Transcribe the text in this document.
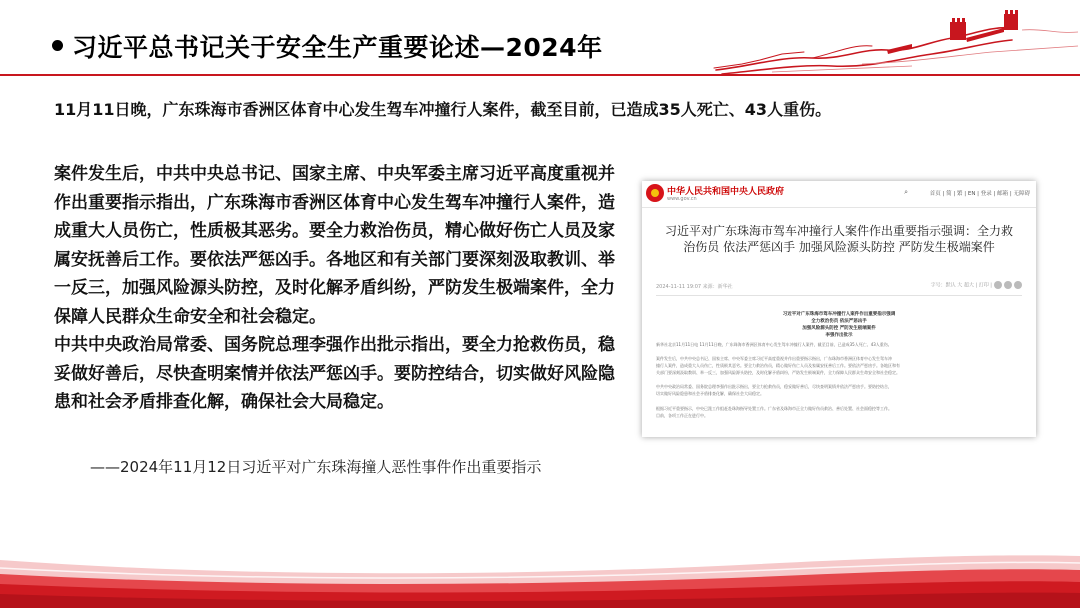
习近平总书记关于安全生产重要论述—2024年
11月11日晚，广东珠海市香洲区体育中心发生驾车冲撞行人案件，截至目前，已造成35人死亡、43人重伤。

案件发生后，中共中央总书记、国家主席、中央军委主席习近平高度重视并作出重要指示指出，广东珠海市香洲区体育中心发生驾车冲撞行人案件，造成重大人员伤亡，性质极其恶劣。要全力救治伤员，精心做好伤亡人员及家属安抚善后工作。要依法严惩凶手。各地区和有关部门要深刻汲取教训、举一反三，加强风险源头防控，及时化解矛盾纠纷，严防发生极端案件，全力保障人民群众生命安全和社会稳定。

中共中央政治局常委、国务院总理李强作出批示指出，要全力抢救伤员，稳妥做好善后，尽快查明案情并依法严惩凶手。要防控结合，切实做好风险隐患和社会矛盾排查化解，确保社会大局稳定。

——2024年11月12日习近平对广东珠海撞人恶性事件作出重要指示
中华人民共和国中央人民政府
www.gov.cn
⌕	首页 | 简 | 繁 | EN | 登录 | 邮箱 | 无障碍
习近平对广东珠海市驾车冲撞行人案件作出重要指示强调：全力救治伤员 依法严惩凶手 加强风险源头防控 严防发生极端案件
2024-11-11 19:07 来源：新华社	字号：默认 大 超大 | 打印 |
习近平对广东珠海市驾车冲撞行人案件作出重要指示强调
全力救治伤员 依法严惩凶手
加强风险源头防控 严防发生极端案件
李强作出批示
新华社北京11月11日电 11月11日晚，广东珠海市香洲区体育中心发生驾车冲撞行人案件，截至目前，已造成35人死亡、43人重伤。
案件发生后，中共中央总书记、国家主席、中央军委主席习近平高度重视并作出重要指示指出，广东珠海市香洲区体育中心发生驾车冲
撞行人案件，造成重大人员伤亡，性质极其恶劣。要全力救治伤员，精心做好伤亡人员及家属安抚善后工作。要依法严惩凶手。各地区和有
关部门要深刻汲取教训、举一反三，加强风险源头防控，及时化解矛盾纠纷，严防发生极端案件，全力保障人民群众生命安全和社会稳定。
中共中央政治局常委、国务院总理李强作出批示指出，要全力抢救伤员，稳妥做好善后，尽快查明案情并依法严惩凶手。要防控结合，
切实做好风险隐患和社会矛盾排查化解，确保社会大局稳定。
根据习近平重要指示，中央已派工作组赶赴珠海指导处置工作。广东省及珠海市正全力做好伤员救治、善后处置、社会面稳控等工作。
目前，各项工作正在进行中。
